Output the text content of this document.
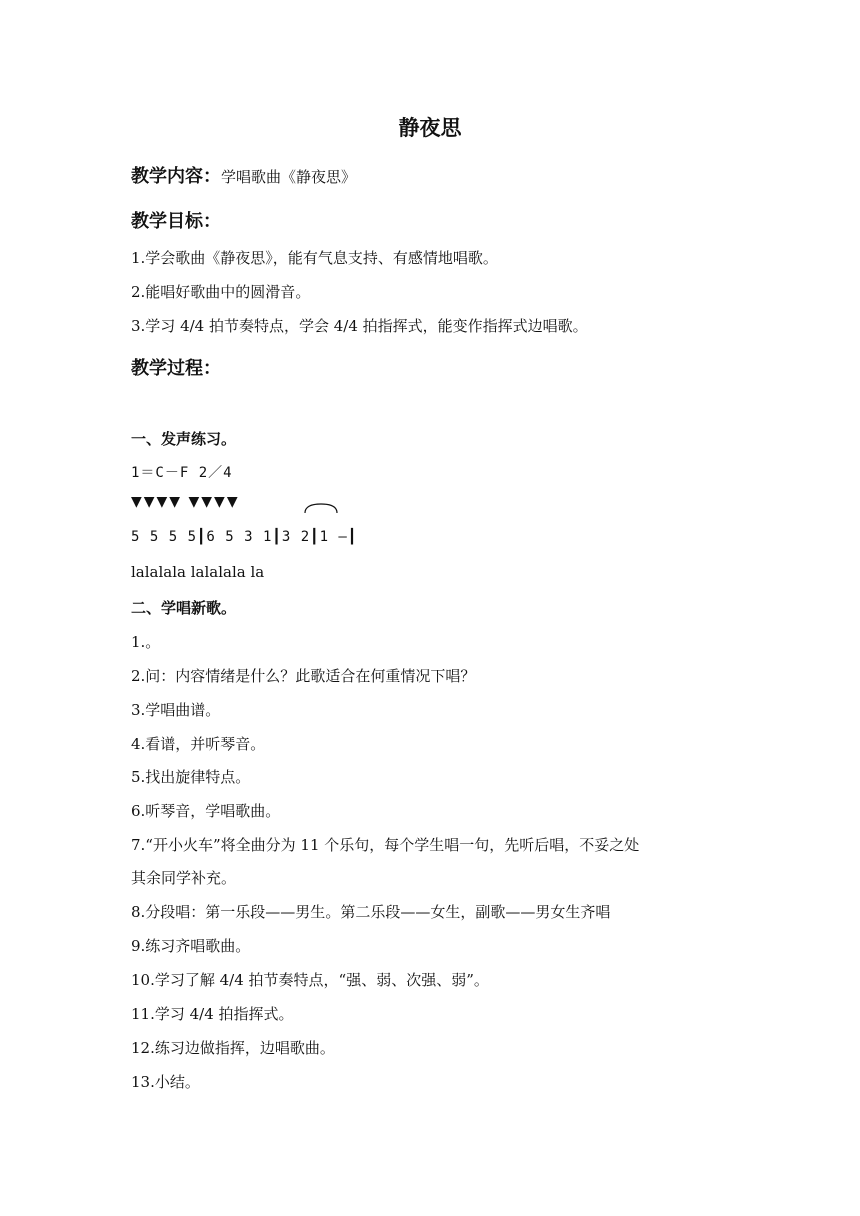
静夜思
教学内容：学唱歌曲《静夜思》
教学目标：
1.学会歌曲《静夜思》，能有气息支持、有感情地唱歌。
2.能唱好歌曲中的圆滑音。
3.学习 4/4 拍节奏特点，学会 4/4 拍指挥式，能变作指挥式边唱歌。
教学过程：
一、发声练习。
1＝C－F 2／4
▼▼▼▼ ▼▼▼▼
5 5 5 5┃6 5 3 1┃3 2┃1 —┃
lalalala lalalala la
二、学唱新歌。
1.。
2.问：内容情绪是什么？此歌适合在何重情况下唱？
3.学唱曲谱。
4.看谱，并听琴音。
5.找出旋律特点。
6.听琴音，学唱歌曲。
7.“开小火车”将全曲分为 11 个乐句，每个学生唱一句，先听后唱，不妥之处
其余同学补充。
8.分段唱：第一乐段——男生。第二乐段——女生，副歌——男女生齐唱
9.练习齐唱歌曲。
10.学习了解 4/4 拍节奏特点，“强、弱、次强、弱”。
11.学习 4/4 拍指挥式。
12.练习边做指挥，边唱歌曲。
13.小结。
